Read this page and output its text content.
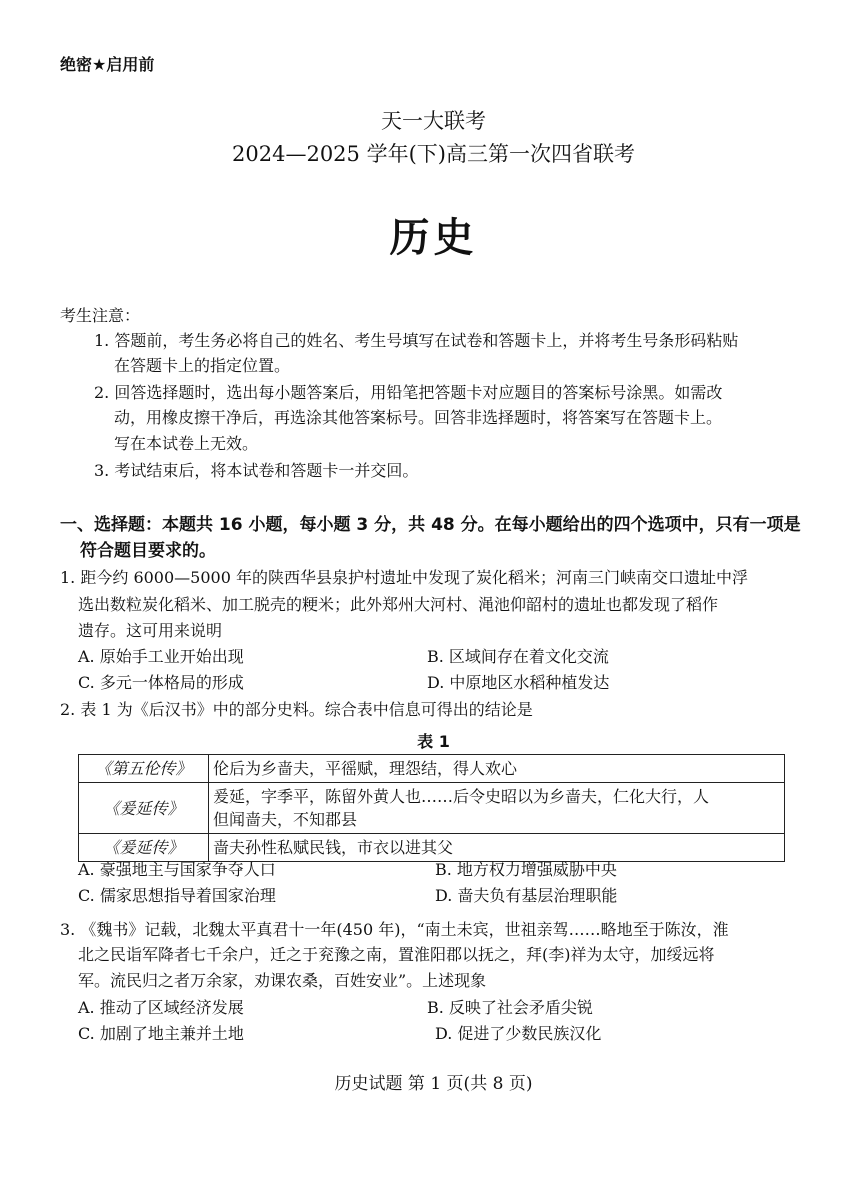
绝密★启用前
天一大联考
2024—2025 学年(下)高三第一次四省联考
历史
考生注意：
1. 答题前，考生务必将自己的姓名、考生号填写在试卷和答题卡上，并将考生号条形码粘贴
在答题卡上的指定位置。
2. 回答选择题时，选出每小题答案后，用铅笔把答题卡对应题目的答案标号涂黑。如需改
动，用橡皮擦干净后，再选涂其他答案标号。回答非选择题时，将答案写在答题卡上。
写在本试卷上无效。
3. 考试结束后，将本试卷和答题卡一并交回。
一、选择题：本题共 16 小题，每小题 3 分，共 48 分。在每小题给出的四个选项中，只有一项是
符合题目要求的。
1. 距今约 6000—5000 年的陕西华县泉护村遗址中发现了炭化稻米；河南三门峡南交口遗址中浮
选出数粒炭化稻米、加工脱壳的粳米；此外郑州大河村、渑池仰韶村的遗址也都发现了稻作
遗存。这可用来说明
A. 原始手工业开始出现	B. 区域间存在着文化交流
C. 多元一体格局的形成	D. 中原地区水稻种植发达
2. 表 1 为《后汉书》中的部分史料。综合表中信息可得出的结论是
表 1
《第五伦传》	伦后为乡啬夫，平徭赋，理怨结，得人欢心
《爰延传》	爰延，字季平，陈留外黄人也……后令史昭以为乡啬夫，仁化大行，人
但闻啬夫，不知郡县
《爰延传》	啬夫孙性私赋民钱，市衣以进其父
A. 豪强地主与国家争夺人口	B. 地方权力增强威胁中央
C. 儒家思想指导着国家治理	D. 啬夫负有基层治理职能
3. 《魏书》记载，北魏太平真君十一年(450 年)，“南土未宾，世祖亲驾……略地至于陈汝，淮
北之民诣军降者七千余户，迁之于兖豫之南，置淮阳郡以抚之，拜(李)祥为太守，加绥远将
军。流民归之者万余家，劝课农桑，百姓安业”。上述现象
A. 推动了区域经济发展	B. 反映了社会矛盾尖锐
C. 加剧了地主兼并土地	D. 促进了少数民族汉化
历史试题 第 1 页(共 8 页)
